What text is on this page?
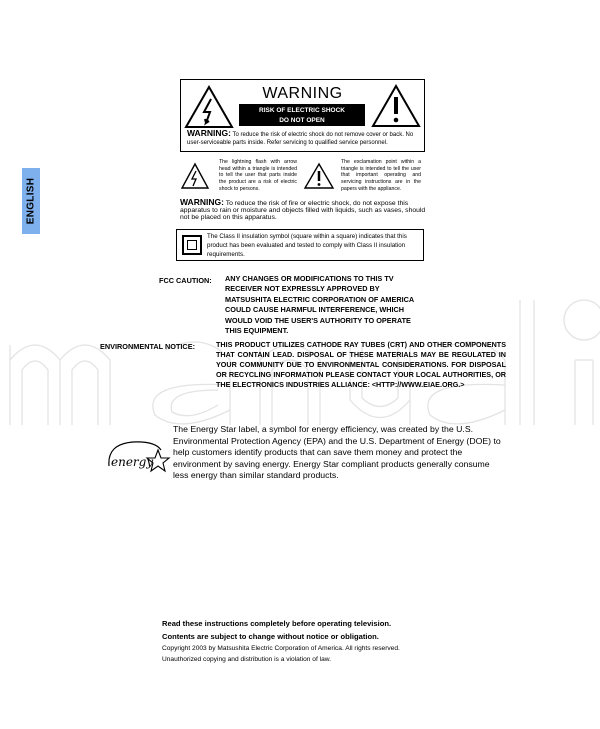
ENGLISH
WARNING
RISK OF ELECTRIC SHOCK
DO NOT OPEN
WARNING: To reduce the risk of electric shock do not remove cover or back. No user-serviceable parts inside. Refer servicing to qualified service personnel.
The lightning flash with arrow head within a triangle is intended to tell the user that parts inside the product are a risk of electric shock to persons.
The exclamation point within a triangle is intended to tell the user that important operating and servicing instructions are in the papers with the appliance.
WARNING: To reduce the risk of fire or electric shock, do not expose this apparatus to rain or moisture and objects filled with liquids, such as vases, should not be placed on this apparatus.
The Class II insulation symbol (square within a square) indicates that this product has been evaluated and tested to comply with Class II insulation requirements.
FCC CAUTION: ANY CHANGES OR MODIFICATIONS TO THIS TV
RECEIVER NOT EXPRESSLY APPROVED BY
MATSUSHITA ELECTRIC CORPORATION OF AMERICA
COULD CAUSE HARMFUL INTERFERENCE, WHICH
WOULD VOID THE USER'S AUTHORITY TO OPERATE
THIS EQUIPMENT.
ENVIRONMENTAL NOTICE:	THIS PRODUCT UTILIZES CATHODE RAY TUBES (CRT) AND OTHER COMPONENTS THAT CONTAIN LEAD. DISPOSAL OF THESE MATERIALS MAY BE REGULATED IN YOUR COMMUNITY DUE TO ENVIRONMENTAL CONSIDERATIONS. FOR DISPOSAL OR RECYCLING INFORMATION PLEASE CONTACT YOUR LOCAL AUTHORITIES, OR THE ELECTRONICS INDUSTRIES ALLIANCE: <HTTP://WWW.EIAE.ORG.>
energy
The Energy Star label, a symbol for energy efficiency, was created by the U.S. Environmental Protection Agency (EPA) and the U.S. Department of Energy (DOE) to help customers identify products that can save them money and protect the environment by saving energy. Energy Star compliant products generally consume less energy than similar standard products.
Read these instructions completely before operating television.
Contents are subject to change without notice or obligation.
Copyright 2003 by Matsushita Electric Corporation of America. All rights reserved.
Unauthorized copying and distribution is a violation of law.
